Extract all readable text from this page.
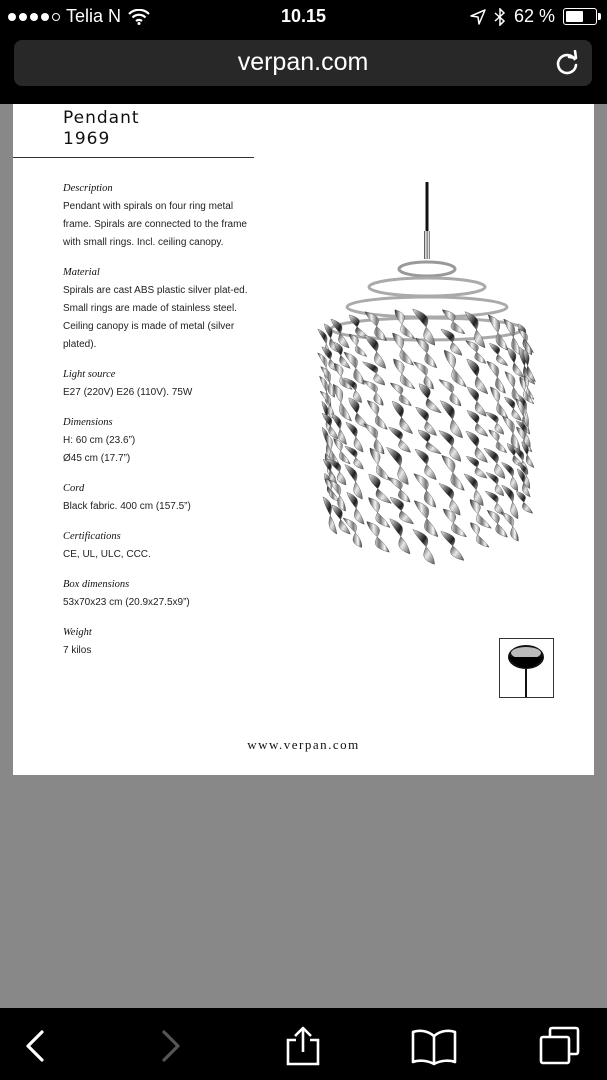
Telia N	10.15	62 %
verpan.com
Pendant
1969
Description
Pendant with spirals on four ring metal frame. Spirals are connected to the frame with small rings. Incl. ceiling canopy.
Material
Spirals are cast ABS plastic silver plat-ed. Small rings are made of stainless steel. Ceiling canopy is made of metal (silver plated).
Light source
E27 (220V) E26 (110V). 75W
Dimensions
H: 60 cm (23.6”)
Ø45 cm (17.7”)
Cord
Black fabric. 400 cm (157.5”)
Certifications
CE, UL, ULC, CCC.
Box dimensions
53x70x23 cm (20.9x27.5x9”)
Weight
7 kilos
www.verpan.com
